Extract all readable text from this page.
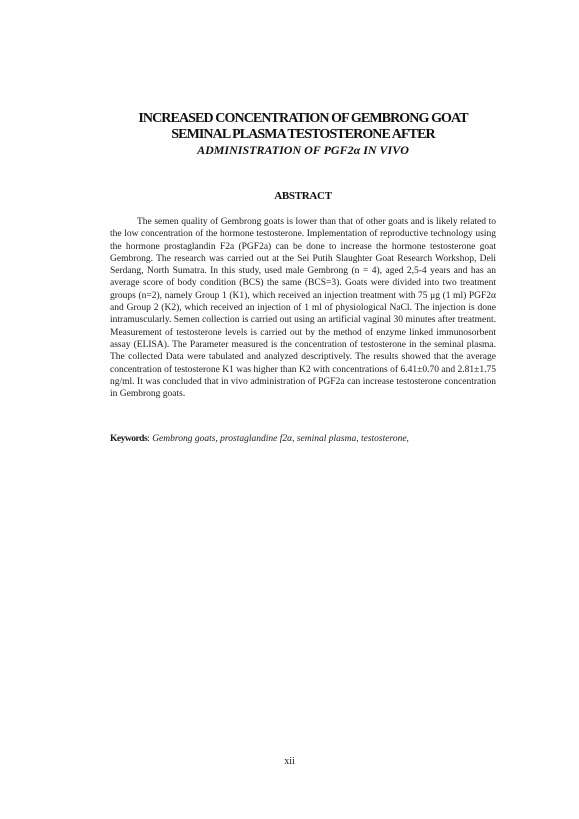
INCREASED CONCENTRATION OF GEMBRONG GOAT
SEMINAL PLASMA TESTOSTERONE AFTER
ADMINISTRATION OF PGF2α IN VIVO
ABSTRACT

The semen quality of Gembrong goats is lower than that of other goats and is likely related to the low concentration of the hormone testosterone. Implementation of reproductive technology using the hormone prostaglandin F2a (PGF2a) can be done to increase the hormone testosterone goat Gembrong. The research was carried out at the Sei Putih Slaughter Goat Research Workshop, Deli Serdang, North Sumatra. In this study, used male Gembrong (n = 4), aged 2,5-4 years and has an average score of body condition (BCS) the same (BCS=3). Goats were divided into two treatment groups (n=2), namely Group 1 (K1), which received an injection treatment with 75 μg (1 ml) PGF2α and Group 2 (K2), which received an injection of 1 ml of physiological NaCl. The injection is done intramuscularly. Semen collection is carried out using an artificial vaginal 30 minutes after treatment. Measurement of testosterone levels is carried out by the method of enzyme linked immunosorbent assay (ELISA). The Parameter measured is the concentration of testosterone in the seminal plasma. The collected Data were tabulated and analyzed descriptively. The results showed that the average concentration of testosterone K1 was higher than K2 with concentrations of 6.41±0.70 and 2.81±1.75 ng/ml. It was concluded that in vivo administration of PGF2a can increase testosterone concentration in Gembrong goats.

Keywords: Gembrong goats, prostaglandine f2α, seminal plasma, testosterone,

xii
